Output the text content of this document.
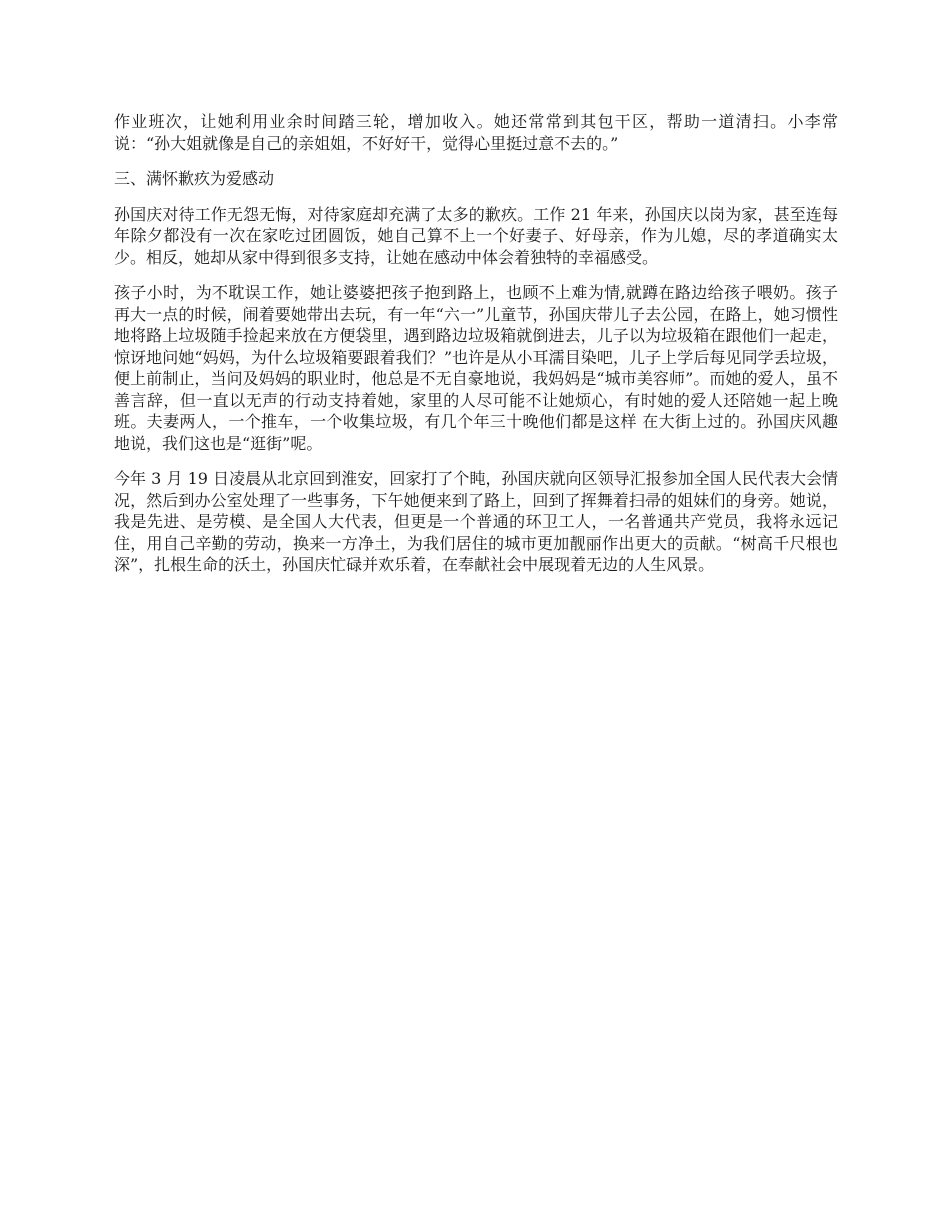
作业班次，让她利用业余时间踏三轮，增加收入。她还常常到其包干区，帮助一道清扫。小李常说：“孙大姐就像是自己的亲姐姐，不好好干，觉得心里挺过意不去的。”

三、满怀歉疚为爱感动

孙国庆对待工作无怨无悔，对待家庭却充满了太多的歉疚。工作 21 年来，孙国庆以岗为家，甚至连每年除夕都没有一次在家吃过团圆饭，她自己算不上一个好妻子、好母亲，作为儿媳，尽的孝道确实太少。相反，她却从家中得到很多支持，让她在感动中体会着独特的幸福感受。

孩子小时，为不耽误工作，她让婆婆把孩子抱到路上，也顾不上难为情,就蹲在路边给孩子喂奶。孩子再大一点的时候，闹着要她带出去玩，有一年“六一”儿童节，孙国庆带儿子去公园，在路上，她习惯性地将路上垃圾随手捡起来放在方便袋里，遇到路边垃圾箱就倒进去，儿子以为垃圾箱在跟他们一起走，惊讶地问她“妈妈，为什么垃圾箱要跟着我们？”也许是从小耳濡目染吧，儿子上学后每见同学丢垃圾，便上前制止，当问及妈妈的职业时，他总是不无自豪地说，我妈妈是“城市美容师”。而她的爱人，虽不善言辞，但一直以无声的行动支持着她，家里的人尽可能不让她烦心，有时她的爱人还陪她一起上晚班。夫妻两人，一个推车，一个收集垃圾，有几个年三十晚他们都是这样 在大街上过的。孙国庆风趣地说，我们这也是“逛街”呢。

今年 3 月 19 日凌晨从北京回到淮安，回家打了个盹，孙国庆就向区领导汇报参加全国人民代表大会情况，然后到办公室处理了一些事务，下午她便来到了路上，回到了挥舞着扫帚的姐妹们的身旁。她说，我是先进、是劳模、是全国人大代表，但更是一个普通的环卫工人，一名普通共产党员，我将永远记住，用自己辛勤的劳动，换来一方净土，为我们居住的城市更加靓丽作出更大的贡献。“树高千尺根也深”，扎根生命的沃土，孙国庆忙碌并欢乐着，在奉献社会中展现着无边的人生风景。
